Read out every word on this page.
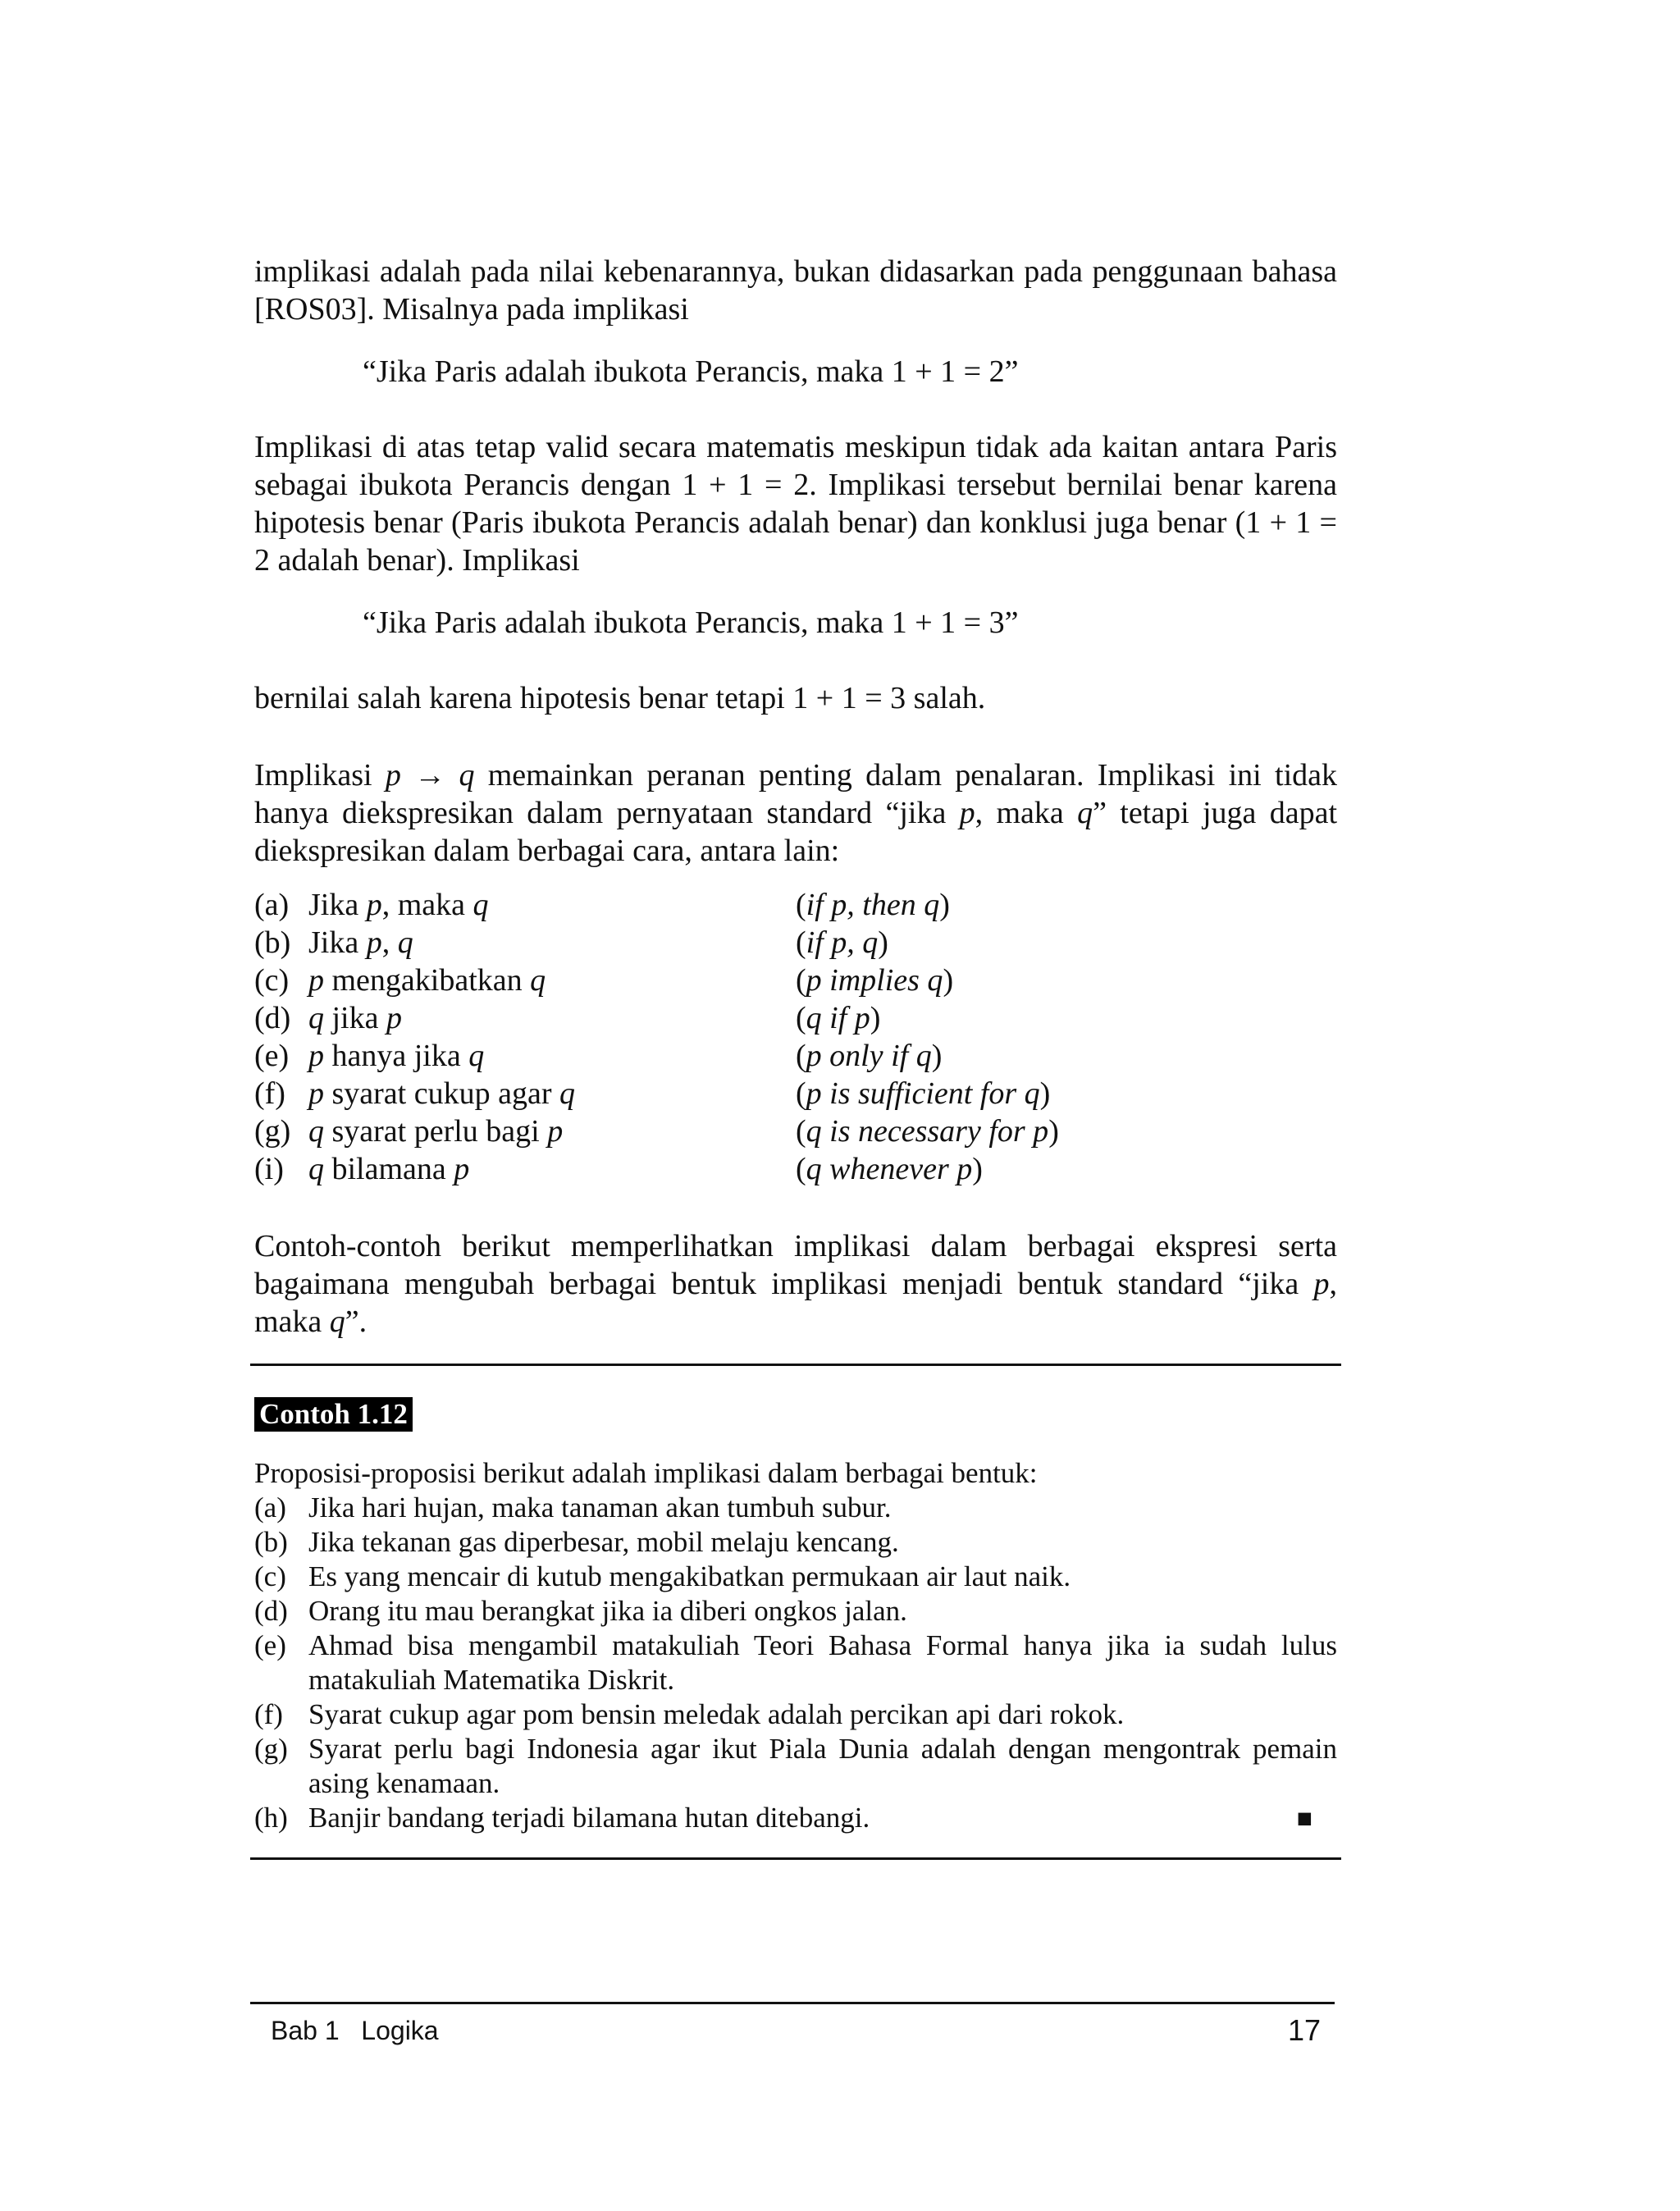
implikasi adalah pada nilai kebenarannya, bukan didasarkan pada penggunaan bahasa [ROS03]. Misalnya pada implikasi

“Jika Paris adalah ibukota Perancis, maka 1 + 1 = 2”

Implikasi di atas tetap valid secara matematis meskipun tidak ada kaitan antara Paris sebagai ibukota Perancis dengan 1 + 1 = 2. Implikasi tersebut bernilai benar karena hipotesis benar (Paris ibukota Perancis adalah benar) dan konklusi juga benar (1 + 1 = 2 adalah benar). Implikasi

“Jika Paris adalah ibukota Perancis, maka 1 + 1 = 3”

bernilai salah karena hipotesis benar tetapi 1 + 1 = 3 salah.

Implikasi p → q memainkan peranan penting dalam penalaran. Implikasi ini tidak hanya diekspresikan dalam pernyataan standard “jika p, maka q” tetapi juga dapat diekspresikan dalam berbagai cara, antara lain:

(a) Jika p, maka q	(if p, then q)
(b) Jika p, q	(if p, q)
(c) p mengakibatkan q	(p implies q)
(d) q jika p	(q if p)
(e) p hanya jika q	(p only if q)
(f) p syarat cukup agar q	(p is sufficient for q)
(g) q syarat perlu bagi p	(q is necessary for p)
(i) q bilamana p	(q whenever p)

Contoh-contoh berikut memperlihatkan implikasi dalam berbagai ekspresi serta bagaimana mengubah berbagai bentuk implikasi menjadi bentuk standard “jika p, maka q”.

Contoh 1.12
Proposisi-proposisi berikut adalah implikasi dalam berbagai bentuk:
(a) Jika hari hujan, maka tanaman akan tumbuh subur.
(b) Jika tekanan gas diperbesar, mobil melaju kencang.
(c) Es yang mencair di kutub mengakibatkan permukaan air laut naik.
(d) Orang itu mau berangkat jika ia diberi ongkos jalan.
(e) Ahmad bisa mengambil matakuliah Teori Bahasa Formal hanya jika ia sudah lulus matakuliah Matematika Diskrit.
(f) Syarat cukup agar pom bensin meledak adalah percikan api dari rokok.
(g) Syarat perlu bagi Indonesia agar ikut Piala Dunia adalah dengan mengontrak pemain asing kenamaan.
(h) Banjir bandang terjadi bilamana hutan ditebangi.	■
Bab 1   Logika	17
